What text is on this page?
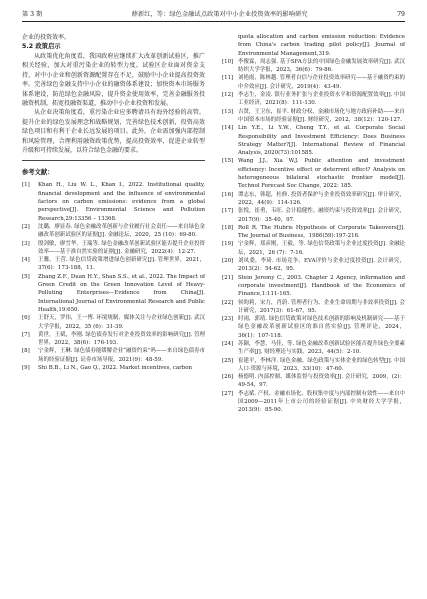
第 3 期	薛新红，等：绿色金融试点政策对中小企业投资效率的影响研究	79

企业的投资效率。

5.2 政策启示

从政策优化角度看，我国政府应继续扩大改革创新试验区，推广相关经验，加大对重污染企业的转型力度。试验区企业面对资金支持，对中小企业和创新资源配置存在不足，鼓励中小企业提高投资效率。完善绿色金融支持中小企业的融资体系建设；加快资本市场服务体系建设，防范绿色金融风险，提升资金使用效率，完善金融服务投融资机制，拓宽投融资渠道，推动中小企业投资和发展。

从企业决策角度看，重污染企业应多聘请具有海外经验的高管，提升企业的绿色发展理念和战略规划，完善绿色技术创新，投资高效绿色项目和有利于企业长远发展的项目。此外，企业需加强内部控制和风险管理，合理利用融资政策优势，提高投资效率，促进企业转型升级和可持续发展，以符合绿色金融的要求。

参考文献：
[1]	Khan H., Liu W. L., Khan I., 2022. Institutional quality, financial development and the influence of environmental factors on carbon emissions: evidence from a global perspective[J]. Environmental Science and Pollution Research,29:13356 – 13368.
[2]	沈璐，廖显春. 绿色金融改革创新与企业履行社会责任——来自绿色金融改革创新试验区的证据[J]. 金融论坛，2020，25 (10)：69-80.
[3]	殷剑敏，廖雪华，王瑞等. 绿色金融改革创新试验区能否提升企业投资效率——基于准自然实验的证据[J]. 金融研究，2022(4)：12-27.
[4]	王馨，王营. 绿色信贷政策增进绿色创新研究[J]. 管理世界，2021，37(6)：173-188，11.
[5]	Zhang Z.F., Duan H.Y., Shan S.S., et al., 2022. The Impact of Green Credit on the Green Innovation Level of Heavy-Polluting Enterprises—Evidence from China[J]. International Journal of Environmental Research and Public Health,19:650.
[6]	王舒天，罗伟，王一博. 环境规制、媒体关注与企业绿色创新[J]. 武汉大学学报，2022，35 (6)：31-39.
[7]	黄世，王斌，李刚. 绿色债券发行对企业投资效率的影响研究[J]. 管理世界，2022，38(6)：176-193.
[8]	宁金辉，王琳. 绿色债券能缓解企业“融资约束”吗——来自绿色债券市场的经验证据[J]. 证券市场导报，2021(9)：48-59.
[9]	Shi B.B., Li N., Gao Q., 2022. Market incentives, carbon
quota allocation and carbon emission reduction: Evidence from China's carbon trading pilot policy[J]. Journal of Environmental Management,319.
[10] 李俊霖，周志强. 基于SFA方法的中国绿色金融发展效率研究[J]. 武汉纺织大学学报，2023，36(6)：79-86.
[11] 刘艳霞，陈林越. 管理者自信与企业投资效率研究——基于融资约束的中介效应[J]. 会计研究，2019(4)：43-49.
[12] 李志生，金凌. 银行业务扩张与企业投资水平和资源配置效率[J]. 中国工业经济，2021(8)：111-130.
[13] 吉贤，王卫东，崔平. 财政分权、金融市场化与地方政府补助——来自中国资本市场的经验证据[J]. 财经研究，2012，38(12)：120-127.
[14] Lin Y.E., Li Y.W., Cheng T.Y., et al. Corporate Social Responsibility and Investment Efficiency: Does Business Strategy Matter?[J]. International Review of Financial Analysis, 2020(73):101585.
[15] Wang J.J., Xia W.J. Public attention and investment efficiency: Incentive effect or deterrent effect? Analysis on heterogeneous bilateral stochastic frontier model[J]. Technol Forecast Soc Change, 2022: 185.
[16] 谭志东，韩超，杜修. 投资者保护与企业投资效率研究[J]. 审计研究，2022，44(9)：114-126.
[17] 张悦，崔勇，韦旺. 会计稳健性、融资约束与投资效率[J]. 会计研究，2017(9)：35-40，97.
[18] Roll R. The Hubris Hypothesis of Corporate Takeovers[J]. The Journal of Business，1986(59):197-216.
[19] 宁金辉，郑彦刚，王毅，等. 绿色信贷政策与企业过度投资[J]. 金融论坛，2021，26 (7)：7-16.
[20] 刘凤委，李琦. 市场竞争、EVA评价与企业过度投资[J]. 会计研究，2013(2)：54-62，95.
[21] Stein Jeremy C., 2003. Chapter 2 Agency, information and corporate investment[J]. Handbook of the Economics of Finance,1:111-165.
[22] 侯昀莉，宋力，肖蔚. 管理者行为、企业生命周期与非效率投资[J]. 会计研究，2017(3)：61-67，95.
[23] 时雨，郭靖. 绿色信贷政策对绿色技术创新的影响及机制研究——基于绿色金融改革创新试验区的准自然实验[J]. 管理评论，2024，36(1)：107-118.
[24] 苏颖，李慧，马佳，等. 绿色金融改革创新试验区能否提升绿色全要素生产率[J]. 财经理论与实践，2023，44(5)：2-10.
[25] 崔建平，李林洋. 绿色金融、绿色政策与实体企业的绿色转型[J]. 中国人口·资源与环境，2023，33(10)：47-60.
[26] 杨德明. 内部控制、媒体监督与投资效率[J]. 会计研究，2009，(2)：49-54，97.
[27] 李志斌. 产权、金融市场化、股权集中度与内部控制有效性——来自中国2009—2011年上市公司的经验证据[J]. 中央财经大学学报，2013(9)：85-90.
